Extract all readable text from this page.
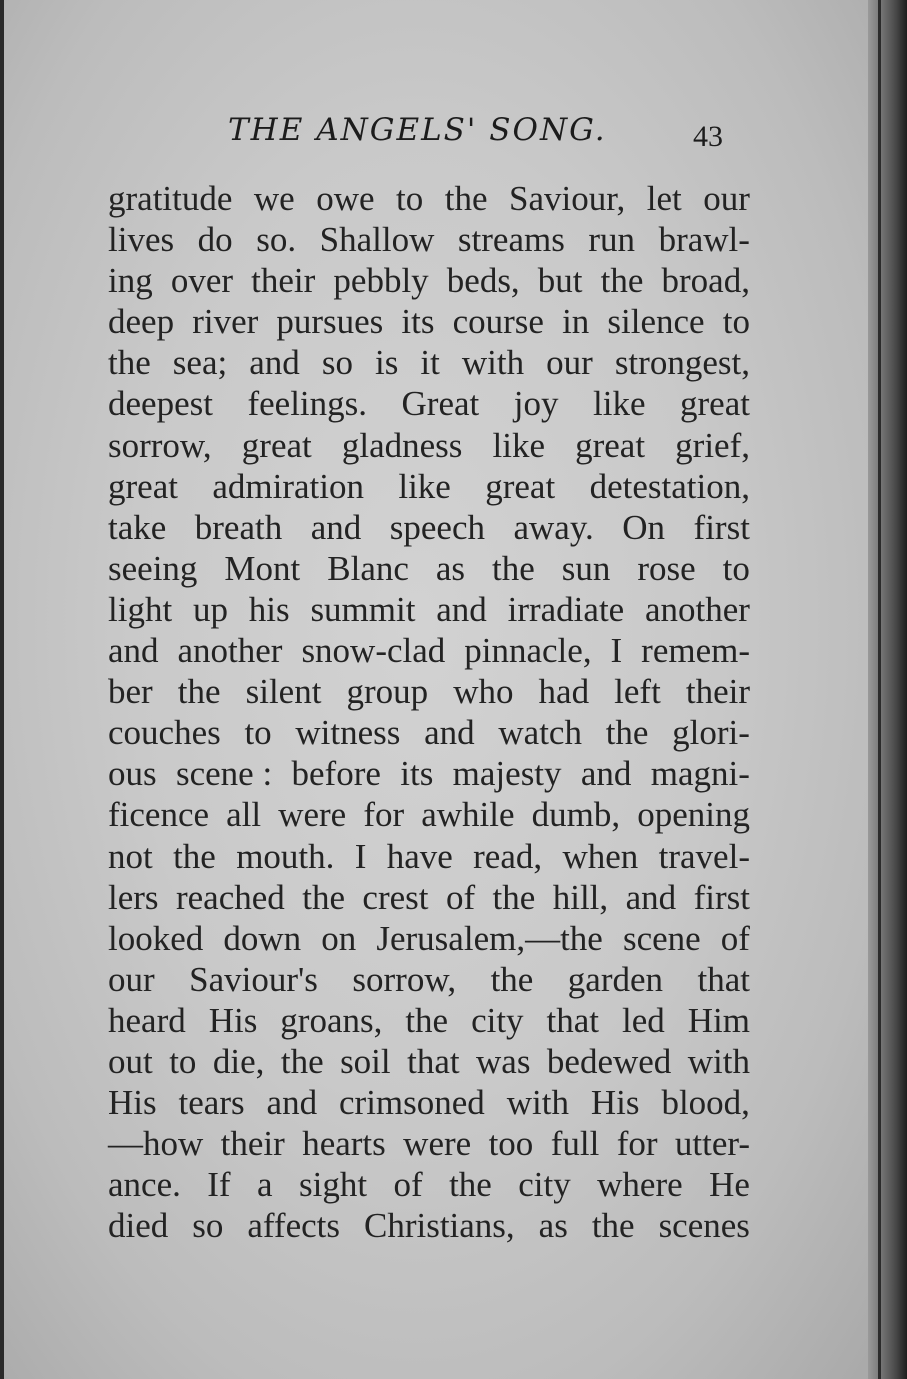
THE ANGELS' SONG.	43
gratitude we owe to the Saviour, let our
lives do so. Shallow streams run brawl-
ing over their pebbly beds, but the broad,
deep river pursues its course in silence to
the sea; and so is it with our strongest,
deepest feelings. Great joy like great
sorrow, great gladness like great grief,
great admiration like great detestation,
take breath and speech away. On first
seeing Mont Blanc as the sun rose to
light up his summit and irradiate another
and another snow-clad pinnacle, I remem-
ber the silent group who had left their
couches to witness and watch the glori-
ous scene : before its majesty and magni-
ficence all were for awhile dumb, opening
not the mouth. I have read, when travel-
lers reached the crest of the hill, and first
looked down on Jerusalem,—the scene of
our Saviour's sorrow, the garden that
heard His groans, the city that led Him
out to die, the soil that was bedewed with
His tears and crimsoned with His blood,
—how their hearts were too full for utter-
ance. If a sight of the city where He
died so affects Christians, as the scenes
